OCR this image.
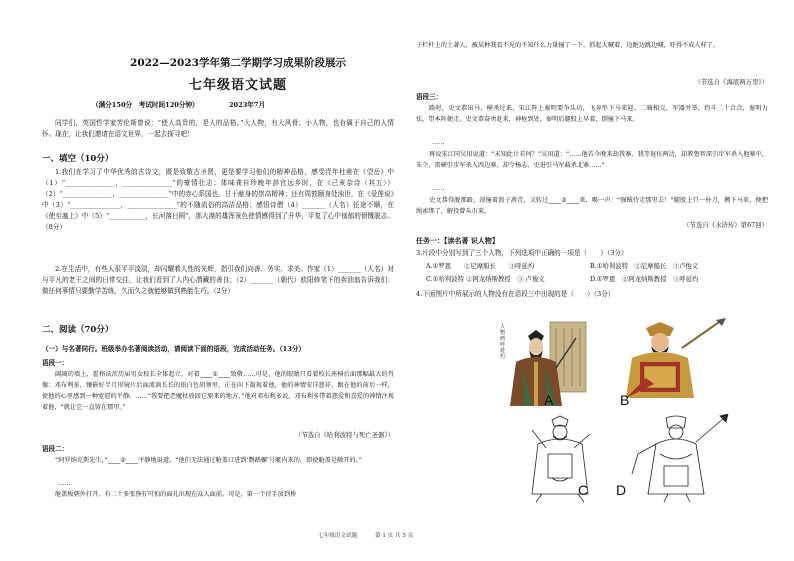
2022—2023学年第二学期学习成果阶段展示
七年级语文试题
（满分150分　考试时间120分钟）	2023年7月

同学们，英国哲学家芳伦斯曾说：“使人高贵的，是人的品格。”大人物，有大风骨；小人物，也有属于自己的人情怀。现在，让我们邀请在语文世界，一起去探寻吧！

一、填空（10分）

1.我们在学习了中华优秀的古诗文，既是致敬古圣贤，更是要学习他们的精神品格，感受青年杜甫在《望岳》中（1）“_______________，_______________”的豪情壮志；体味龚自珍晚年辞官远乡时，在《己亥杂诗（其五）》（2）“_______________，_______________”中的赤心系国也。甘于献身的崇高精神；还有周敦颐身处浊世，在《爱莲说》中（3）“_______________，_______________”的不随流俗的高洁品格；感悟诗僧（4）_______（人名）任途不顺，在《使至塞上》中（5）“___________，长河落日圆”，那大漠的雄浑景色使情感得到了升华，平复了心中郁郁的愤慨脱志。（8分）

2.在生活中，有些人很平平淡淡，却闪耀着人性的光辉，指引我们向善、务实、求美。作家（1）_______（人名）对与平凡的老王之间的日常交往，让我们看到了人内心潜藏的善良；（2）_______（朝代）欧阳修笔下的卖油翁告诉我们：做任何事情只要勤学苦练，久而久之就能够做到熟能生巧。（2分）

二、阅读（70分）
（一）与名著同行。班级举办名著阅读活动，请阅读下面的语段，完成活动任务。（13分）
语段一：

阔阔的墙上，霍格沃茨历届男女校长全体起立，对着____①____致敬……可是，他的眼睛只看着校长座椅后面那幅最大的肖像：邓布利多，镶嵌好半月形镜片后面流淌长长的银白色胡须里，正在向下凝视着他，他的神情安详慈祥，跟在他的前后一样，使他的心里感到一种宽慰的平静。……“我要把老魔杖放回它原来的地方，”他对邓布利多说，邓布利多带着慈爱和喜爱的神情注视着他，“就让它一直留在那里。”

（节选自《哈利波特与死亡圣器》）
语段二：

“阿罗纳克斯先生，”____②____平静地说道。“他们无法通过舱盖口进到‘鹦鹉螺’号艇内来的。即使舱盖是敞开的。”

……

舱盖板朝外打开。有二十多张狰狞可怕的面孔出现在众人面前。可是，第一个待手放到桥

子栏杆上的土著人，被某种我看不见的不知什么力量撞了一下，抓起大喊着，边跑边跳边喊，吓得不成人样了。

（节选自《海底两万里》）
语段三：

路时，史文恭出马，横杀过来，宋江阵上秦明要争头功，飞奔坐下马来迎。二骑相交，军器并举，约斗二十合合，秦明力怯，望本阵便走。史文恭奋勇赶来，神枪到处，秦明后腿股上早着，倒撞下马来。

……

再说宋江同吴用说道：“未知此计若何？”吴用道：“……他若今晚来劫我寨，我等退伍两边，却教鲁智深引步军杀入他寨中，朱仝、雷横引步军杀入西边寨，却令杨志、史进引马军截杀北寨……”

……

史文恭得脱那路，却撞着浪子燕青，又转过____③____来，喝一声：“强贼待走那里去！”腿股上只一朴刀，搠下马来，便把绳索绑了，解投曾头市来。

（节选自《水浒传》第67回）
任务一：【读名著 识人物】
3.片段中分别写到了三个人物，下列选项中正确的一项是（　　）（3分）
A.①罗恩　　②尼摩船长　　③呼延灼	B.①哈利波特　②尼摩船长　③卢俊义
C.①哈利波特 ②阿龙纳斯教授　③ 卢俊义	D.①罗恩　②阿龙纳斯教授　③呼延灼
4.下面图片中所展示的人物没有在语段三中出现的是（　　）（3分）
人物画 呼延灼
A	B
C D
七年级语文试题	第 1 页 共 5 页
